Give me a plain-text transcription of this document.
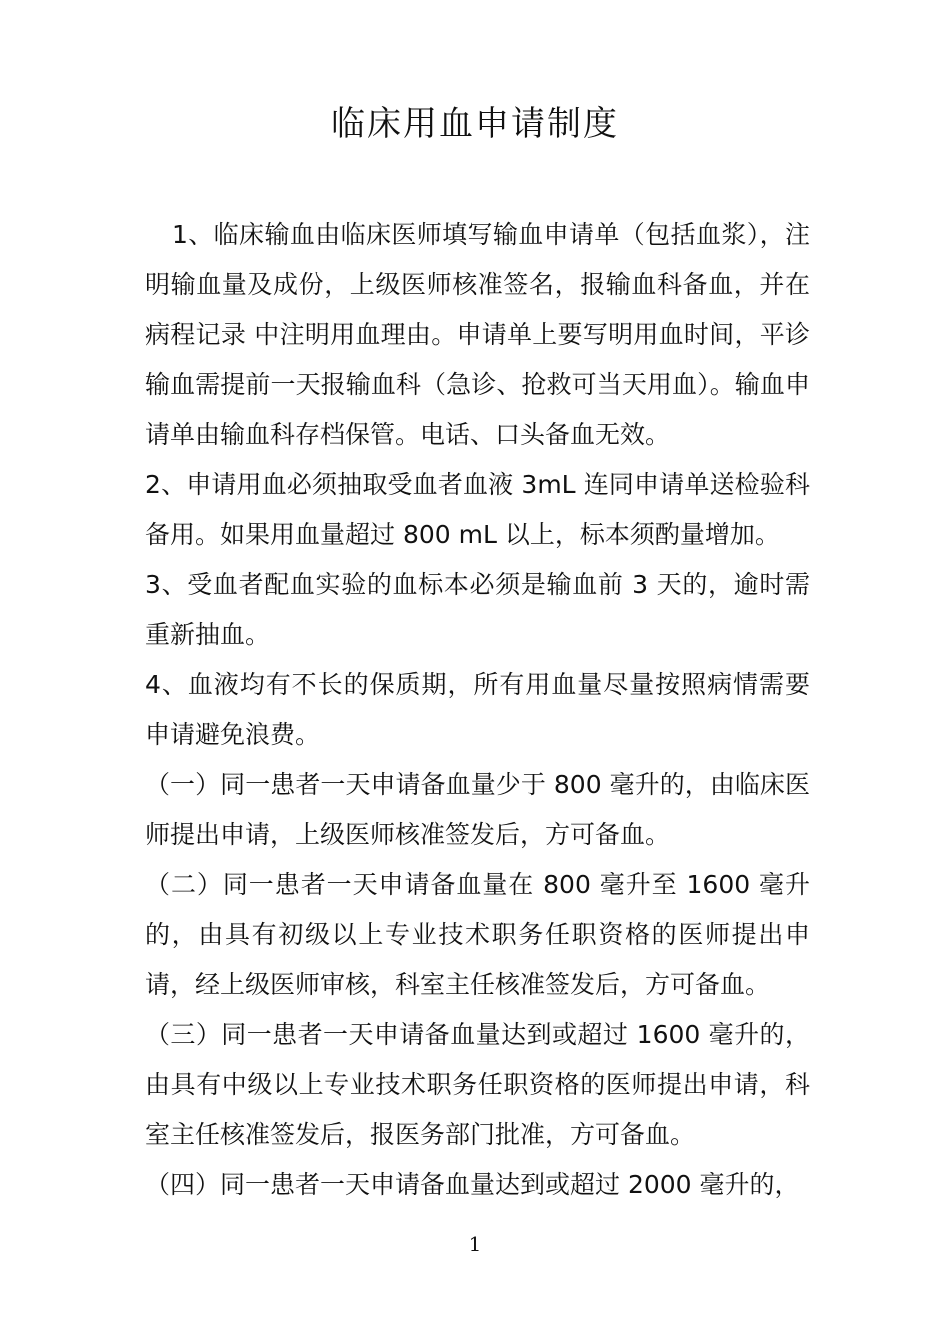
临床用血申请制度

1、临床输血由临床医师填写输血申请单（包括血浆），注明输血量及成份，上级医师核准签名，报输血科备血，并在病程记录 中注明用血理由。申请单上要写明用血时间，平诊输血需提前一天报输血科（急诊、抢救可当天用血）。输血申请单由输血科存档保管。电话、口头备血无效。

2、申请用血必须抽取受血者血液 3mL 连同申请单送检验科备用。如果用血量超过 800 mL 以上，标本须酌量增加。

3、受血者配血实验的血标本必须是输血前 3 天的，逾时需重新抽血。

4、血液均有不长的保质期，所有用血量尽量按照病情需要申请避免浪费。

（一）同一患者一天申请备血量少于 800 毫升的，由临床医师提出申请，上级医师核准签发后，方可备血。

（二）同一患者一天申请备血量在 800 毫升至 1600 毫升的，由具有初级以上专业技术职务任职资格的医师提出申请，经上级医师审核，科室主任核准签发后，方可备血。

（三）同一患者一天申请备血量达到或超过 1600 毫升的，由具有中级以上专业技术职务任职资格的医师提出申请，科室主任核准签发后，报医务部门批准，方可备血。

（四）同一患者一天申请备血量达到或超过 2000 毫升的，

1
